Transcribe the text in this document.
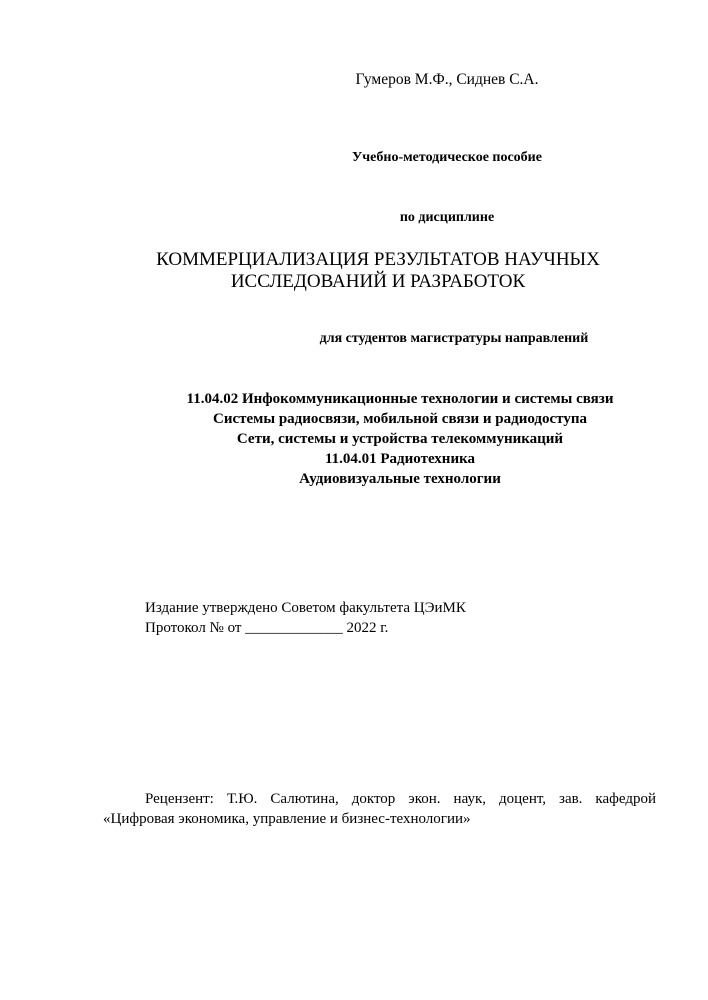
Гумеров М.Ф., Сиднев С.А.
Учебно-методическое пособие
по дисциплине
КОММЕРЦИАЛИЗАЦИЯ РЕЗУЛЬТАТОВ НАУЧНЫХ
ИССЛЕДОВАНИЙ И РАЗРАБОТОК
для студентов магистратуры направлений
11.04.02 Инфокоммуникационные технологии и системы связи
Системы радиосвязи, мобильной связи и радиодоступа
Сети, системы и устройства телекоммуникаций
11.04.01 Радиотехника
Аудиовизуальные технологии
Издание утверждено Советом факультета ЦЭиМК
Протокол № от _____________ 2022 г.
Рецензент: Т.Ю. Салютина, доктор экон. наук, доцент, зав. кафедрой
«Цифровая экономика, управление и бизнес-технологии»
